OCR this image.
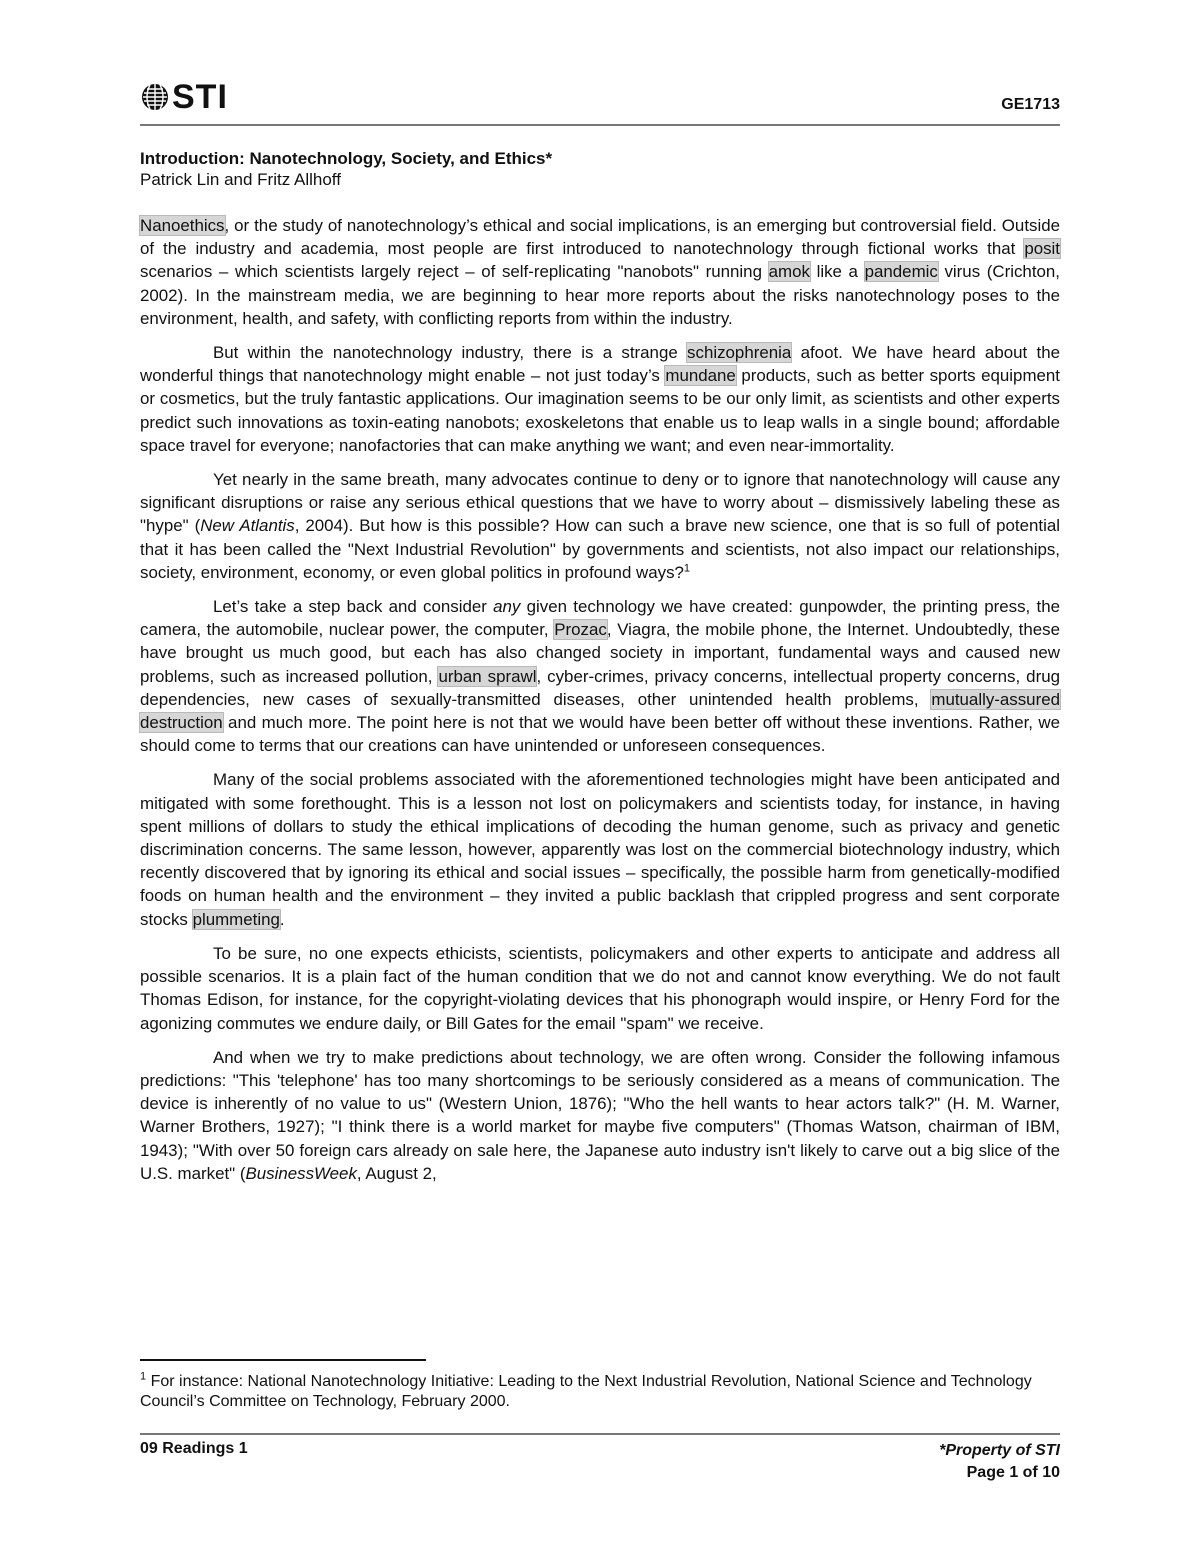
STI	GE1713
Introduction: Nanotechnology, Society, and Ethics*
Patrick Lin and Fritz Allhoff

Nanoethics, or the study of nanotechnology’s ethical and social implications, is an emerging but controversial field. Outside of the industry and academia, most people are first introduced to nanotechnology through fictional works that posit scenarios – which scientists largely reject – of self-replicating "nanobots" running amok like a pandemic virus (Crichton, 2002). In the mainstream media, we are beginning to hear more reports about the risks nanotechnology poses to the environment, health, and safety, with conflicting reports from within the industry.

But within the nanotechnology industry, there is a strange schizophrenia afoot. We have heard about the wonderful things that nanotechnology might enable – not just today’s mundane products, such as better sports equipment or cosmetics, but the truly fantastic applications. Our imagination seems to be our only limit, as scientists and other experts predict such innovations as toxin-eating nanobots; exoskeletons that enable us to leap walls in a single bound; affordable space travel for everyone; nanofactories that can make anything we want; and even near-immortality.

Yet nearly in the same breath, many advocates continue to deny or to ignore that nanotechnology will cause any significant disruptions or raise any serious ethical questions that we have to worry about – dismissively labeling these as "hype" (New Atlantis, 2004). But how is this possible? How can such a brave new science, one that is so full of potential that it has been called the "Next Industrial Revolution" by governments and scientists, not also impact our relationships, society, environment, economy, or even global politics in profound ways?$^1$

Let’s take a step back and consider any given technology we have created: gunpowder, the printing press, the camera, the automobile, nuclear power, the computer, Prozac, Viagra, the mobile phone, the Internet. Undoubtedly, these have brought us much good, but each has also changed society in important, fundamental ways and caused new problems, such as increased pollution, urban sprawl, cyber-crimes, privacy concerns, intellectual property concerns, drug dependencies, new cases of sexually-transmitted diseases, other unintended health problems, mutually-assured destruction and much more. The point here is not that we would have been better off without these inventions. Rather, we should come to terms that our creations can have unintended or unforeseen consequences.

Many of the social problems associated with the aforementioned technologies might have been anticipated and mitigated with some forethought. This is a lesson not lost on policymakers and scientists today, for instance, in having spent millions of dollars to study the ethical implications of decoding the human genome, such as privacy and genetic discrimination concerns. The same lesson, however, apparently was lost on the commercial biotechnology industry, which recently discovered that by ignoring its ethical and social issues – specifically, the possible harm from genetically-modified foods on human health and the environment – they invited a public backlash that crippled progress and sent corporate stocks plummeting.

To be sure, no one expects ethicists, scientists, policymakers and other experts to anticipate and address all possible scenarios. It is a plain fact of the human condition that we do not and cannot know everything. We do not fault Thomas Edison, for instance, for the copyright-violating devices that his phonograph would inspire, or Henry Ford for the agonizing commutes we endure daily, or Bill Gates for the email "spam" we receive.

And when we try to make predictions about technology, we are often wrong. Consider the following infamous predictions: "This 'telephone' has too many shortcomings to be seriously considered as a means of communication. The device is inherently of no value to us" (Western Union, 1876); "Who the hell wants to hear actors talk?" (H. M. Warner, Warner Brothers, 1927); "I think there is a world market for maybe five computers" (Thomas Watson, chairman of IBM, 1943); "With over 50 foreign cars already on sale here, the Japanese auto industry isn't likely to carve out a big slice of the U.S. market" (BusinessWeek, August 2,

$^1$ For instance: National Nanotechnology Initiative: Leading to the Next Industrial Revolution, National Science and Technology Council’s Committee on Technology, February 2000.
09 Readings 1	*Property of STI
Page 1 of 10
